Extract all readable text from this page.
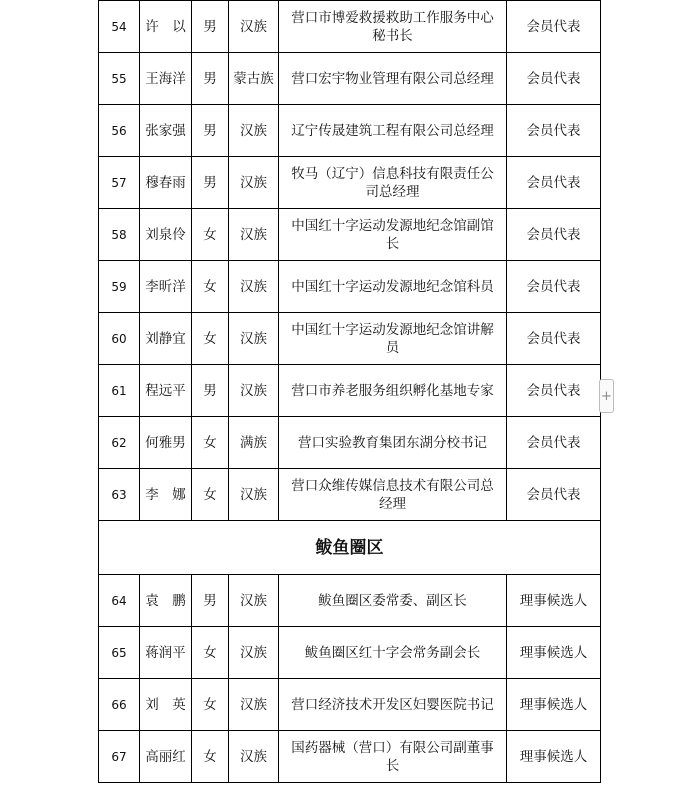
54	许　以	男	汉族	营口市博爱救援救助工作服务中心秘书长	会员代表
55	王海洋	男	蒙古族	营口宏宇物业管理有限公司总经理	会员代表
56	张家强	男	汉族	辽宁传晟建筑工程有限公司总经理	会员代表
57	穆春雨	男	汉族	牧马（辽宁）信息科技有限责任公司总经理	会员代表
58	刘泉伶	女	汉族	中国红十字运动发源地纪念馆副馆长	会员代表
59	李昕洋	女	汉族	中国红十字运动发源地纪念馆科员	会员代表
60	刘静宜	女	汉族	中国红十字运动发源地纪念馆讲解员	会员代表
61	程远平	男	汉族	营口市养老服务组织孵化基地专家	会员代表
62	何雅男	女	满族	营口实验教育集团东湖分校书记	会员代表
63	李　娜	女	汉族	营口众维传媒信息技术有限公司总经理	会员代表
鲅鱼圈区					
64	袁　鹏	男	汉族	鲅鱼圈区委常委、副区长	理事候选人
65	蒋润平	女	汉族	鲅鱼圈区红十字会常务副会长	理事候选人
66	刘　英	女	汉族	营口经济技术开发区妇婴医院书记	理事候选人
67	高丽红	女	汉族	国药器械（营口）有限公司副董事长	理事候选人
+
